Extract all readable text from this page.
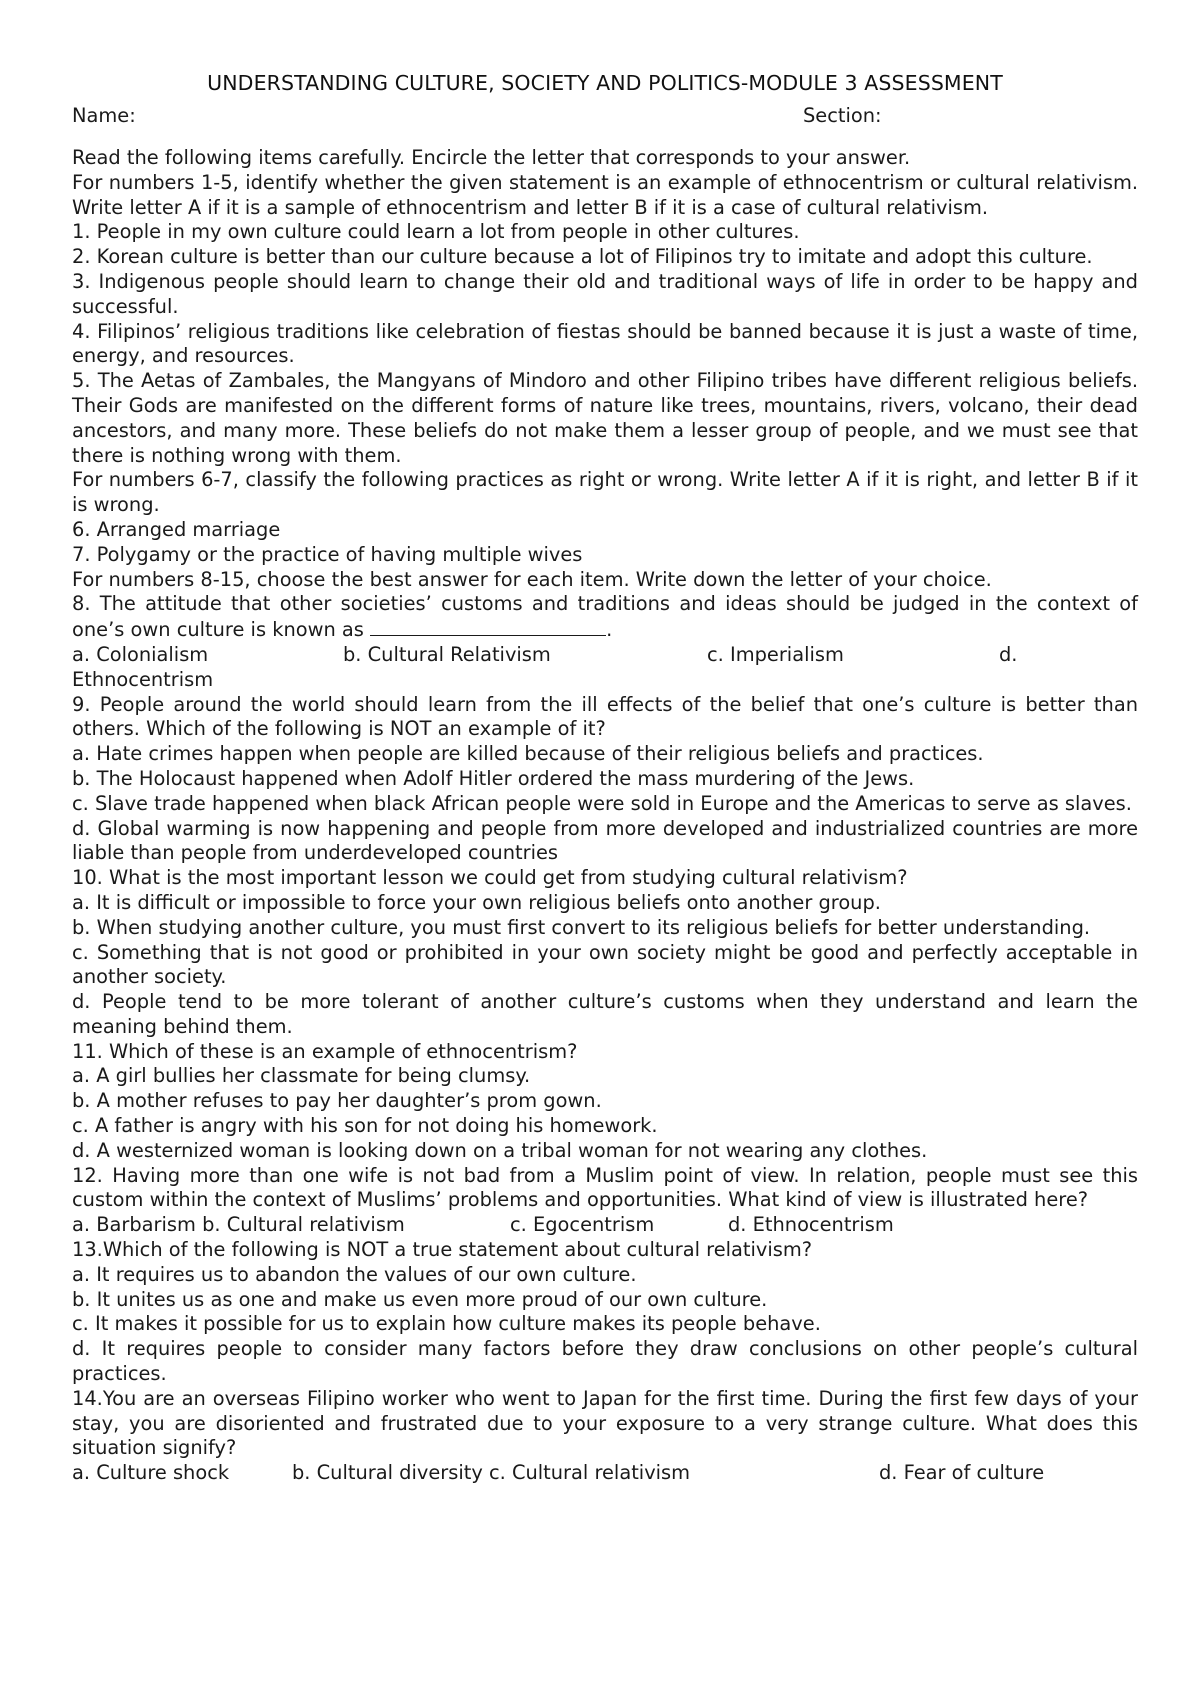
UNDERSTANDING CULTURE, SOCIETY AND POLITICS-MODULE 3 ASSESSMENT
Name:	Section:

Read the following items carefully. Encircle the letter that corresponds to your answer.

For numbers 1-5, identify whether the given statement is an example of ethnocentrism or cultural relativism. Write letter A if it is a sample of ethnocentrism and letter B if it is a case of cultural relativism.

1. People in my own culture could learn a lot from people in other cultures.

2. Korean culture is better than our culture because a lot of Filipinos try to imitate and adopt this culture.

3. Indigenous people should learn to change their old and traditional ways of life in order to be happy and successful.

4. Filipinos’ religious traditions like celebration of fiestas should be banned because it is just a waste of time, energy, and resources.

5. The Aetas of Zambales, the Mangyans of Mindoro and other Filipino tribes have different religious beliefs. Their Gods are manifested on the different forms of nature like trees, mountains, rivers, volcano, their dead ancestors, and many more. These beliefs do not make them a lesser group of people, and we must see that there is nothing wrong with them.

For numbers 6-7, classify the following practices as right or wrong. Write letter A if it is right, and letter B if it is wrong.

6. Arranged marriage

7. Polygamy or the practice of having multiple wives

For numbers 8-15, choose the best answer for each item. Write down the letter of your choice.

8. The attitude that other societies’ customs and traditions and ideas should be judged in the context of one’s own culture is known as	.

a. Colonialism	b. Cultural Relativism	c. Imperialism	d.

Ethnocentrism

9. People around the world should learn from the ill effects of the belief that one’s culture is better than others. Which of the following is NOT an example of it?

a. Hate crimes happen when people are killed because of their religious beliefs and practices.

b. The Holocaust happened when Adolf Hitler ordered the mass murdering of the Jews.

c. Slave trade happened when black African people were sold in Europe and the Americas to serve as slaves.

d. Global warming is now happening and people from more developed and industrialized countries are more liable than people from underdeveloped countries

10. What is the most important lesson we could get from studying cultural relativism?

a. It is difficult or impossible to force your own religious beliefs onto another group.

b. When studying another culture, you must first convert to its religious beliefs for better understanding.

c. Something that is not good or prohibited in your own society might be good and perfectly acceptable in another society.

d. People tend to be more tolerant of another culture’s customs when they understand and learn the meaning behind them.

11. Which of these is an example of ethnocentrism?

a. A girl bullies her classmate for being clumsy.

b. A mother refuses to pay her daughter’s prom gown.

c. A father is angry with his son for not doing his homework.

d. A westernized woman is looking down on a tribal woman for not wearing any clothes.

12. Having more than one wife is not bad from a Muslim point of view. In relation, people must see this custom within the context of Muslims’ problems and opportunities. What kind of view is illustrated here?

a. Barbarism b. Cultural relativism	c. Egocentrism	d. Ethnocentrism

13.Which of the following is NOT a true statement about cultural relativism?

a. It requires us to abandon the values of our own culture.

b. It unites us as one and make us even more proud of our own culture.

c. It makes it possible for us to explain how culture makes its people behave.

d. It requires people to consider many factors before they draw conclusions on other people’s cultural practices.

14.You are an overseas Filipino worker who went to Japan for the first time. During the first few days of your stay, you are disoriented and frustrated due to your exposure to a very strange culture. What does this situation signify?

a. Culture shock	b. Cultural diversity c. Cultural relativism	d. Fear of culture
